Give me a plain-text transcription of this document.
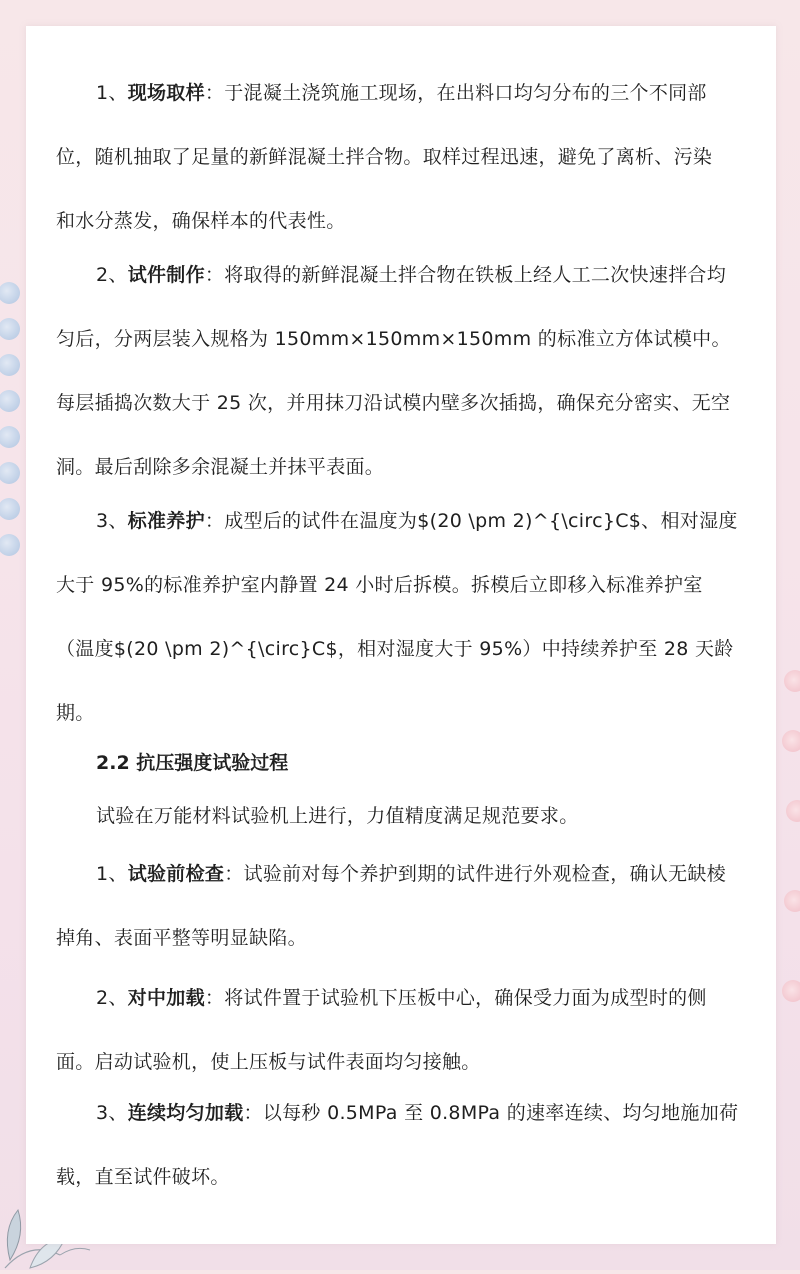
1、现场取样：于混凝土浇筑施工现场，在出料口均匀分布的三个不同部
位，随机抽取了足量的新鲜混凝土拌合物。取样过程迅速，避免了离析、污染
和水分蒸发，确保样本的代表性。
2、试件制作：将取得的新鲜混凝土拌合物在铁板上经人工二次快速拌合均
匀后，分两层装入规格为 150mm×150mm×150mm 的标准立方体试模中。
每层插捣次数大于 25 次，并用抹刀沿试模内壁多次插捣，确保充分密实、无空
洞。最后刮除多余混凝土并抹平表面。
3、标准养护：成型后的试件在温度为$(20 \pm 2)^{\circ}C$、相对湿度
大于 95%的标准养护室内静置 24 小时后拆模。拆模后立即移入标准养护室
（温度$(20 \pm 2)^{\circ}C$，相对湿度大于 95%）中持续养护至 28 天龄
期。
2.2 抗压强度试验过程
试验在万能材料试验机上进行，力值精度满足规范要求。
1、试验前检查：试验前对每个养护到期的试件进行外观检查，确认无缺棱
掉角、表面平整等明显缺陷。
2、对中加载：将试件置于试验机下压板中心，确保受力面为成型时的侧
面。启动试验机，使上压板与试件表面均匀接触。
3、连续均匀加载：以每秒 0.5MPa 至 0.8MPa 的速率连续、均匀地施加荷
载，直至试件破坏。
